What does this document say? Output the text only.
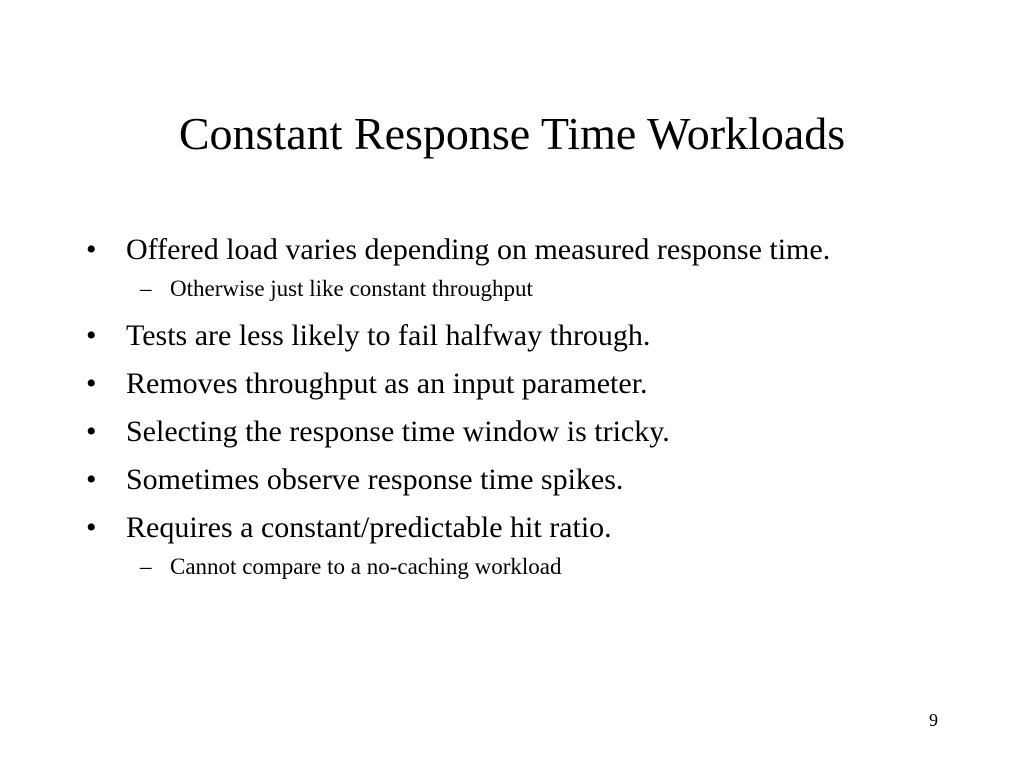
Constant Response Time Workloads
• Offered load varies depending on measured response time.
– Otherwise just like constant throughput
• Tests are less likely to fail halfway through.
• Removes throughput as an input parameter.
• Selecting the response time window is tricky.
• Sometimes observe response time spikes.
• Requires a constant/predictable hit ratio.
– Cannot compare to a no-caching workload
9
